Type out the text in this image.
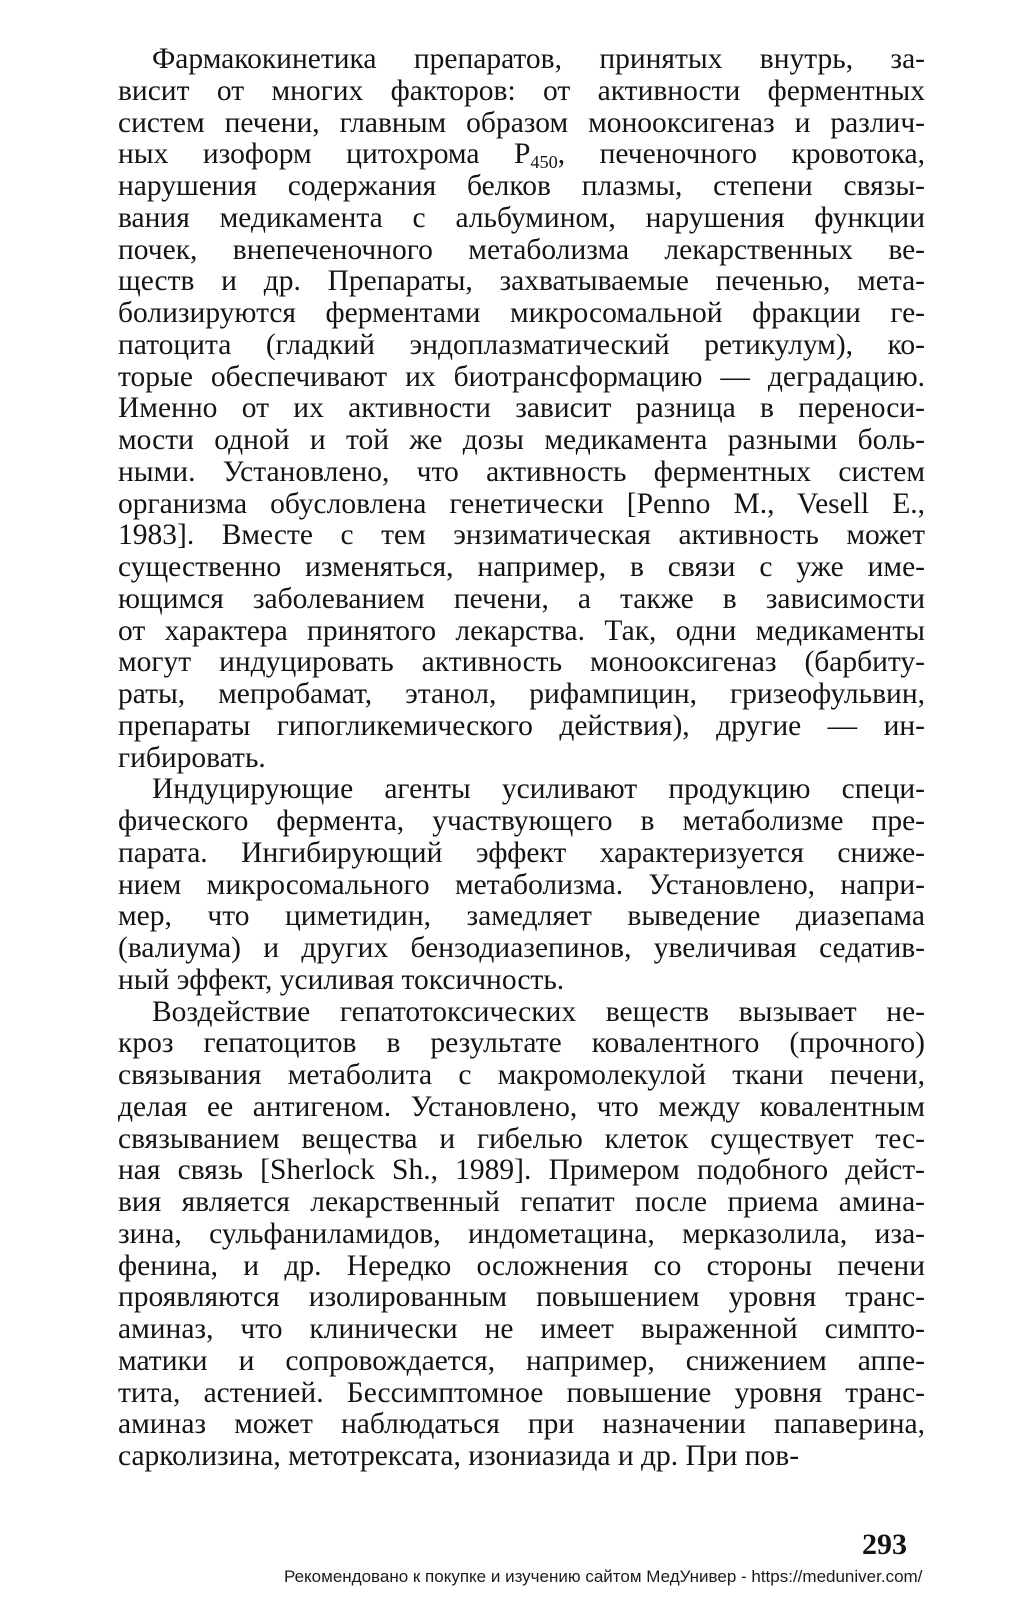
Фармакокинетика препаратов, принятых внутрь, за-
висит от многих факторов: от активности ферментных
систем печени, главным образом монооксигеназ и различ-
ных изоформ цитохрома $P_{450}$, печеночного кровотока,
нарушения содержания белков плазмы, степени связы-
вания медикамента с альбумином, нарушения функции
почек, внепеченочного метаболизма лекарственных ве-
ществ и др. Препараты, захватываемые печенью, мета-
болизируются ферментами микросомальной фракции ге-
патоцита (гладкий эндоплазматический ретикулум), ко-
торые обеспечивают их биотрансформацию — деградацию.
Именно от их активности зависит разница в переноси-
мости одной и той же дозы медикамента разными боль-
ными. Установлено, что активность ферментных систем
организма обусловлена генетически [Penno M., Vesell E.,
1983]. Вместе с тем энзиматическая активность может
существенно изменяться, например, в связи с уже име-
ющимся заболеванием печени, а также в зависимости
от характера принятого лекарства. Так, одни медикаменты
могут индуцировать активность монооксигеназ (барбиту-
раты, мепробамат, этанол, рифампицин, гризеофульвин,
препараты гипогликемического действия), другие — ин-
гибировать.
Индуцирующие агенты усиливают продукцию специ-
фического фермента, участвующего в метаболизме пре-
парата. Ингибирующий эффект характеризуется сниже-
нием микросомального метаболизма. Установлено, напри-
мер, что циметидин, замедляет выведение диазепама
(валиума) и других бензодиазепинов, увеличивая седатив-
ный эффект, усиливая токсичность.
Воздействие гепатотоксических веществ вызывает не-
кроз гепатоцитов в результате ковалентного (прочного)
связывания метаболита с макромолекулой ткани печени,
делая ее антигеном. Установлено, что между ковалентным
связыванием вещества и гибелью клеток существует тес-
ная связь [Sherlock Sh., 1989]. Примером подобного дейст-
вия является лекарственный гепатит после приема амина-
зина, сульфаниламидов, индометацина, мерказолила, иза-
фенина, и др. Нередко осложнения со стороны печени
проявляются изолированным повышением уровня транс-
аминаз, что клинически не имеет выраженной симпто-
матики и сопровождается, например, снижением аппе-
тита, астенией. Бессимптомное повышение уровня транс-
аминаз может наблюдаться при назначении папаверина,
сарколизина, метотрексата, изониазида и др. При пов-

293

Рекомендовано к покупке и изучению сайтом МедУнивер - https://meduniver.com/
